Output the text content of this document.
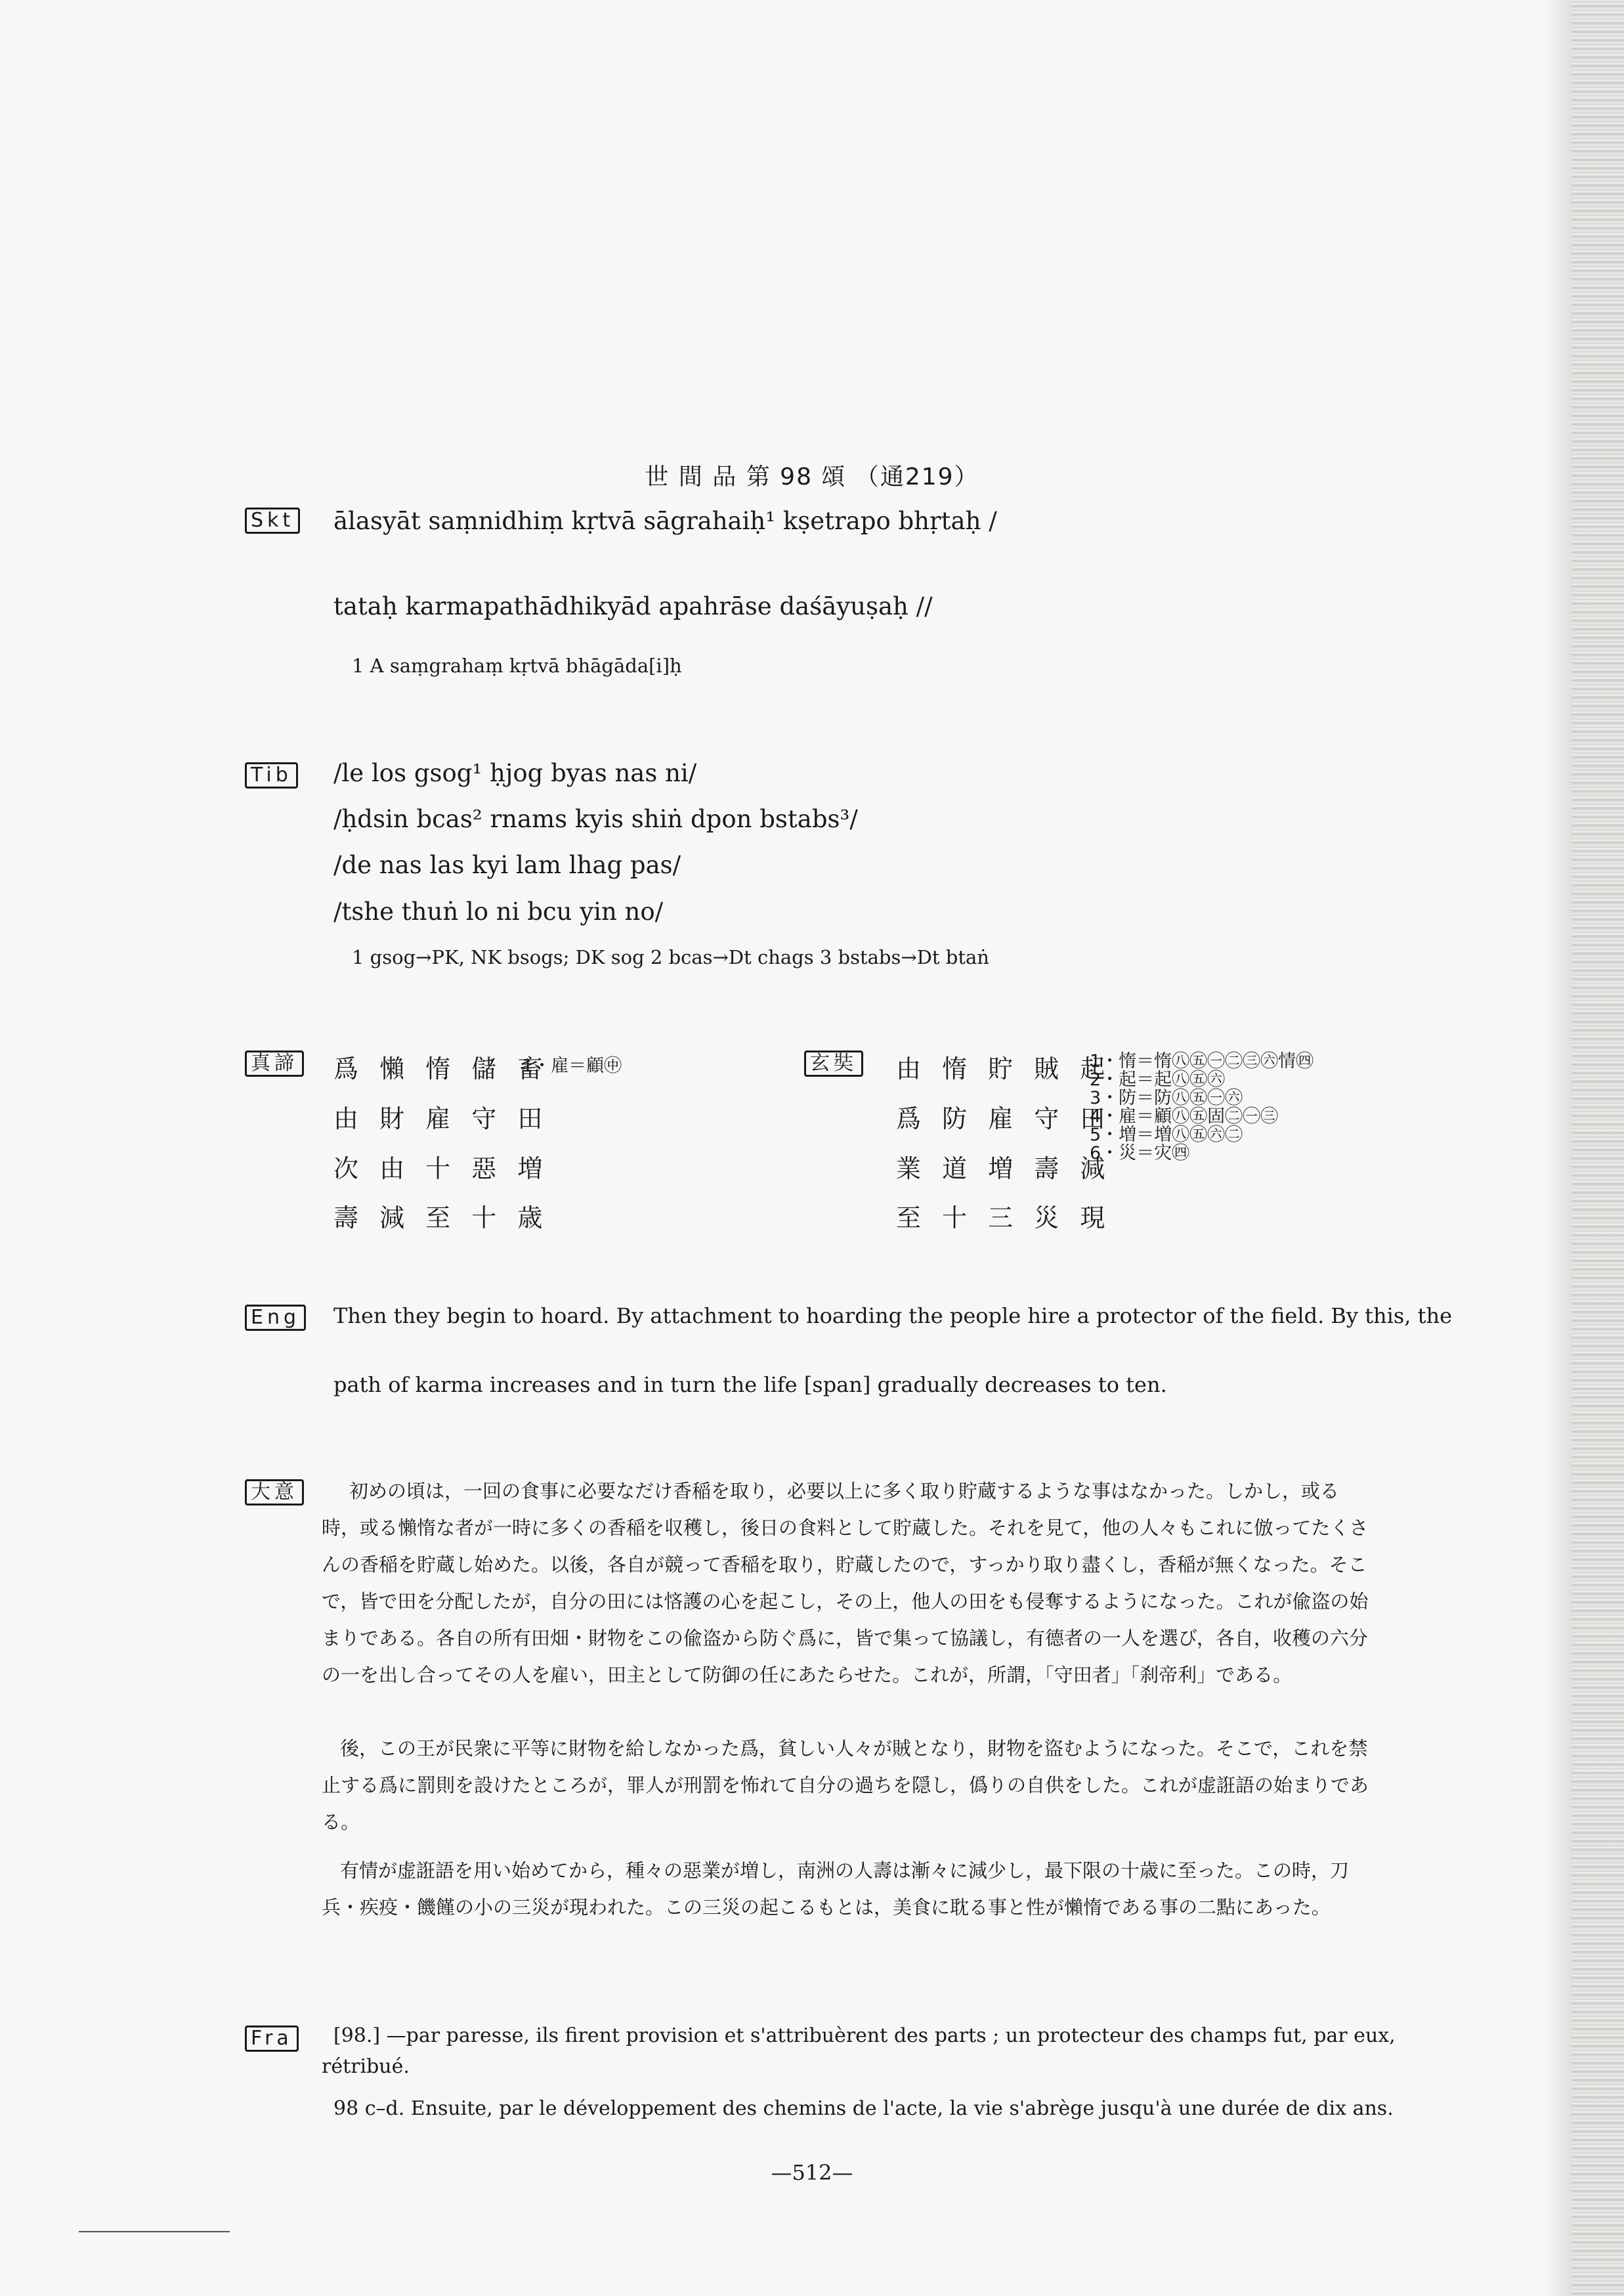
世 間 品 第 98 頌 （通219）
Skt ālasyāt saṃnidhiṃ kṛtvā sāgrahaiḥ¹ kṣetrapo bhṛtaḥ /
tataḥ karmapathādhikyād apahrāse daśāyuṣaḥ //
1 A saṃgrahaṃ kṛtvā bhāgāda[i]ḥ
Tib /le los gsog¹ ḥjog byas nas ni/
/ḥdsin bcas² rnams kyis shiṅ dpon bstabs³/
/de nas las kyi lam lhag pas/
/tshe thuṅ lo ni bcu yin no/
1 gsog→PK, NK bsogs; DK sog 2 bcas→Dt chags 3 bstabs→Dt btaṅ
真諦 爲 懶 惰 儲 畜
由 財 雇 守 田
次 由 十 惡 増
壽 減 至 十 歳
1・雇＝顧㊥	玄奘 由 惰 貯 賊 起
爲 防 雇 守 田
業 道 増 壽 減
至 十 三 災 現
1・惰＝惰㊇㊄㊀㊁㊂㊅情㊃
2・起＝起㊇㊄㊅
3・防＝防㊇㊄㊀㊅
4・雇＝顧㊇㊄固㊁㊀㊂
5・増＝増㊇㊄㊅㊁
6・災＝灾㊃
Eng Then they begin to hoard. By attachment to hoarding the people hire a protector of the field. By this, the
path of karma increases and in turn the life [span] gradually decreases to ten.
大意	初めの頃は，一回の食事に必要なだけ香稲を取り，必要以上に多く取り貯蔵するような事はなかった。しかし，或る時，或る懶惰な者が一時に多くの香稲を収穫し，後日の食料として貯蔵した。それを見て，他の人々もこれに倣ってたくさんの香稲を貯蔵し始めた。以後，各自が競って香稲を取り，貯蔵したので，すっかり取り盡くし，香稲が無くなった。そこで，皆で田を分配したが，自分の田には悋護の心を起こし，その上，他人の田をも侵奪するようになった。これが偸盗の始まりである。各自の所有田畑・財物をこの偸盗から防ぐ爲に，皆で集って協議し，有德者の一人を選び，各自，收穫の六分の一を出し合ってその人を雇い，田主として防御の任にあたらせた。これが，所謂，「守田者」「刹帝利」である。
後，この王が民衆に平等に財物を給しなかった爲，貧しい人々が賊となり，財物を盜むようになった。そこで，これを禁止する爲に罰則を設けたところが，罪人が刑罰を怖れて自分の過ちを隠し，僞りの自供をした。これが虚誑語の始まりである。
有情が虚誑語を用い始めてから，種々の惡業が増し，南洲の人壽は漸々に減少し，最下限の十歳に至った。この時，刀兵・疾疫・饑饉の小の三災が現われた。この三災の起こるもとは，美食に耽る事と性が懶惰である事の二點にあった。
Fra	[98.] —par paresse, ils firent provision et s'attribuèrent des parts ; un protecteur des champs fut, par eux,
rétribué.
98 c–d. Ensuite, par le développement des chemins de l'acte, la vie s'abrège jusqu'à une durée de dix ans.
—512—
